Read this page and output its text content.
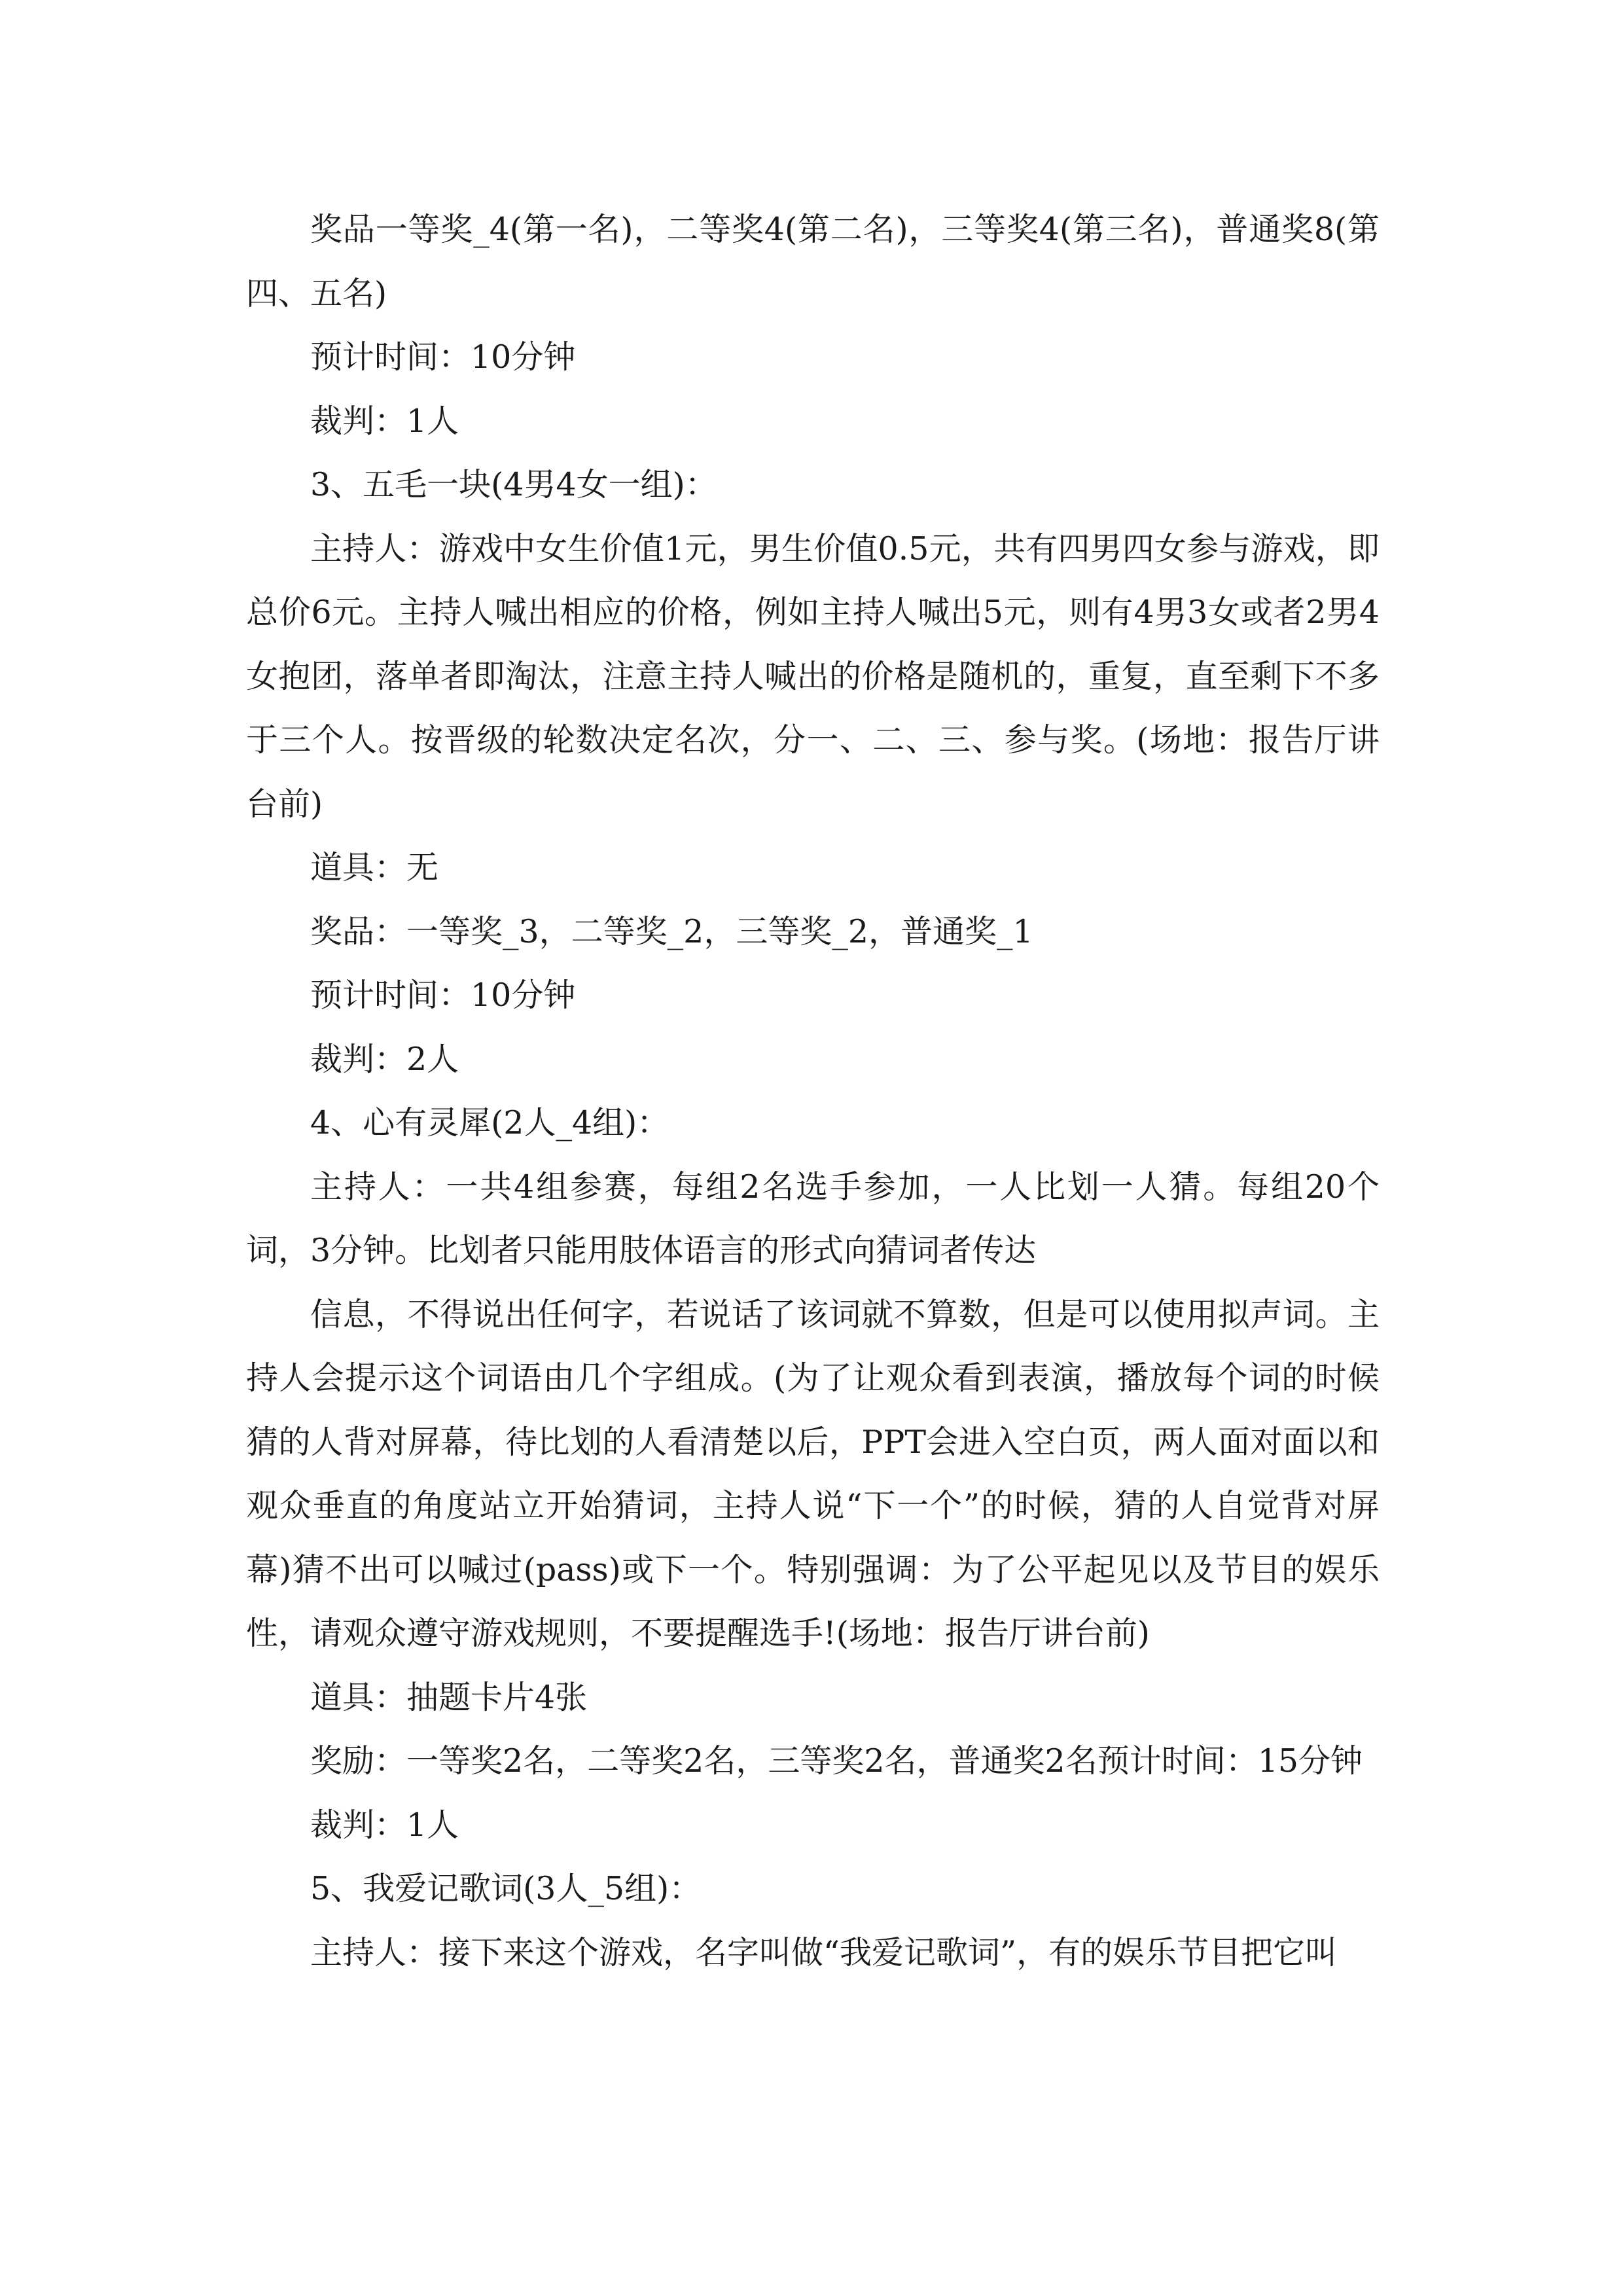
奖品一等奖_4(第一名)，二等奖4(第二名)，三等奖4(第三名)，普通奖8(第四、五名)

预计时间：10分钟

裁判：1人

3、五毛一块(4男4女一组)：

主持人：游戏中女生价值1元，男生价值0.5元，共有四男四女参与游戏，即总价6元。主持人喊出相应的价格，例如主持人喊出5元，则有4男3女或者2男4女抱团，落单者即淘汰，注意主持人喊出的价格是随机的，重复，直至剩下不多于三个人。按晋级的轮数决定名次，分一、二、三、参与奖。(场地：报告厅讲台前)

道具：无

奖品：一等奖_3，二等奖_2，三等奖_2，普通奖_1

预计时间：10分钟

裁判：2人

4、心有灵犀(2人_4组)：

主持人：一共4组参赛，每组2名选手参加，一人比划一人猜。每组20个词，3分钟。比划者只能用肢体语言的形式向猜词者传达

信息，不得说出任何字，若说话了该词就不算数，但是可以使用拟声词。主持人会提示这个词语由几个字组成。(为了让观众看到表演，播放每个词的时候猜的人背对屏幕，待比划的人看清楚以后，PPT会进入空白页，两人面对面以和观众垂直的角度站立开始猜词，主持人说“下一个”的时候，猜的人自觉背对屏幕)猜不出可以喊过(pass)或下一个。特别强调：为了公平起见以及节目的娱乐性，请观众遵守游戏规则，不要提醒选手!(场地：报告厅讲台前)

道具：抽题卡片4张

奖励：一等奖2名，二等奖2名，三等奖2名，普通奖2名预计时间：15分钟

裁判：1人

5、我爱记歌词(3人_5组)：

主持人：接下来这个游戏，名字叫做“我爱记歌词”，有的娱乐节目把它叫
